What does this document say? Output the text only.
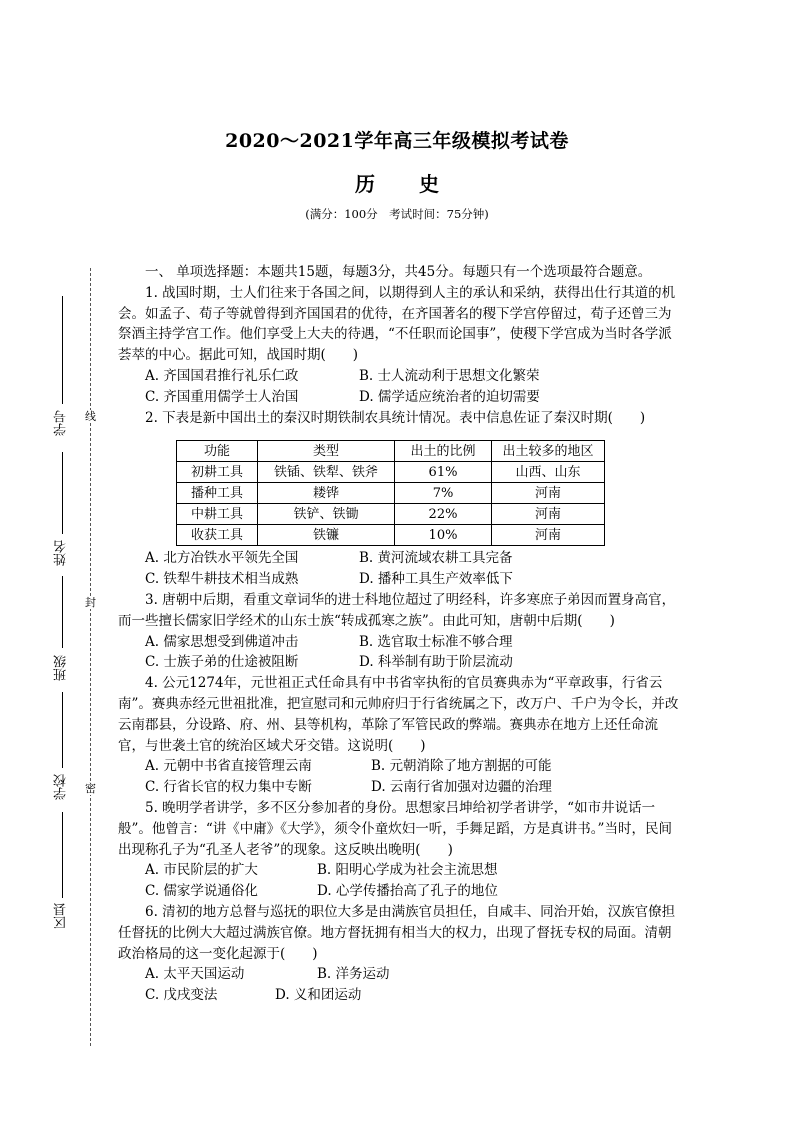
2020～2021学年高三年级模拟考试卷
历 史
(满分：100分　考试时间：75分钟)
线
封
密
学号
姓名
班级
学校
区县

一、 单项选择题：本题共15题，每题3分，共45分。每题只有一个选项最符合题意。

1. 战国时期，士人们往来于各国之间，以期得到人主的承认和采纳，获得出仕行其道的机会。如孟子、荀子等就曾得到齐国国君的优待，在齐国著名的稷下学宫停留过，荀子还曾三为祭酒主持学宫工作。他们享受上大夫的待遇，“不任职而论国事”，使稷下学宫成为当时各学派荟萃的中心。据此可知，战国时期(　　)

A. 齐国国君推行礼乐仁政	B. 士人流动利于思想文化繁荣

C. 齐国重用儒学士人治国	D. 儒学适应统治者的迫切需要

2. 下表是新中国出土的秦汉时期铁制农具统计情况。表中信息佐证了秦汉时期(　　)

功能	类型	出土的比例	出土较多的地区
初耕工具	铁锸、铁犁、铁斧	61%	山西、山东
播种工具	耧铧	7%	河南
中耕工具	铁铲、铁锄	22%	河南
收获工具	铁镰	10%	河南

A. 北方冶铁水平领先全国	B. 黄河流域农耕工具完备

C. 铁犁牛耕技术相当成熟	D. 播种工具生产效率低下

3. 唐朝中后期，看重文章词华的进士科地位超过了明经科，许多寒庶子弟因而置身高官，而一些擅长儒家旧学经术的山东士族“转成孤寒之族”。由此可知，唐朝中后期(　　)

A. 儒家思想受到佛道冲击	B. 选官取士标准不够合理

C. 士族子弟的仕途被阻断	D. 科举制有助于阶层流动

4. 公元1274年，元世祖正式任命具有中书省宰执衔的官员赛典赤为“平章政事，行省云南”。赛典赤经元世祖批准，把宣慰司和元帅府归于行省统属之下，改万户、千户为令长，并改云南郡县，分设路、府、州、县等机构，革除了军管民政的弊端。赛典赤在地方上还任命流官，与世袭土官的统治区域犬牙交错。这说明(　　)

A. 元朝中书省直接管理云南	B. 元朝消除了地方割据的可能

C. 行省长官的权力集中专断	D. 云南行省加强对边疆的治理

5. 晚明学者讲学，多不区分参加者的身份。思想家吕坤给初学者讲学，“如市井说话一般”。他曾言：“讲《中庸》《大学》，须令仆童炊妇一听，手舞足蹈，方是真讲书。”当时，民间出现称孔子为“孔圣人老爷”的现象。这反映出晚明(　　)

A. 市民阶层的扩大	B. 阳明心学成为社会主流思想

C. 儒家学说通俗化	D. 心学传播抬高了孔子的地位

6. 清初的地方总督与巡抚的职位大多是由满族官员担任，自咸丰、同治开始，汉族官僚担任督抚的比例大大超过满族官僚。地方督抚拥有相当大的权力，出现了督抚专权的局面。清朝政治格局的这一变化起源于(　　)

A. 太平天国运动	B. 洋务运动

C. 戊戌变法	D. 义和团运动
